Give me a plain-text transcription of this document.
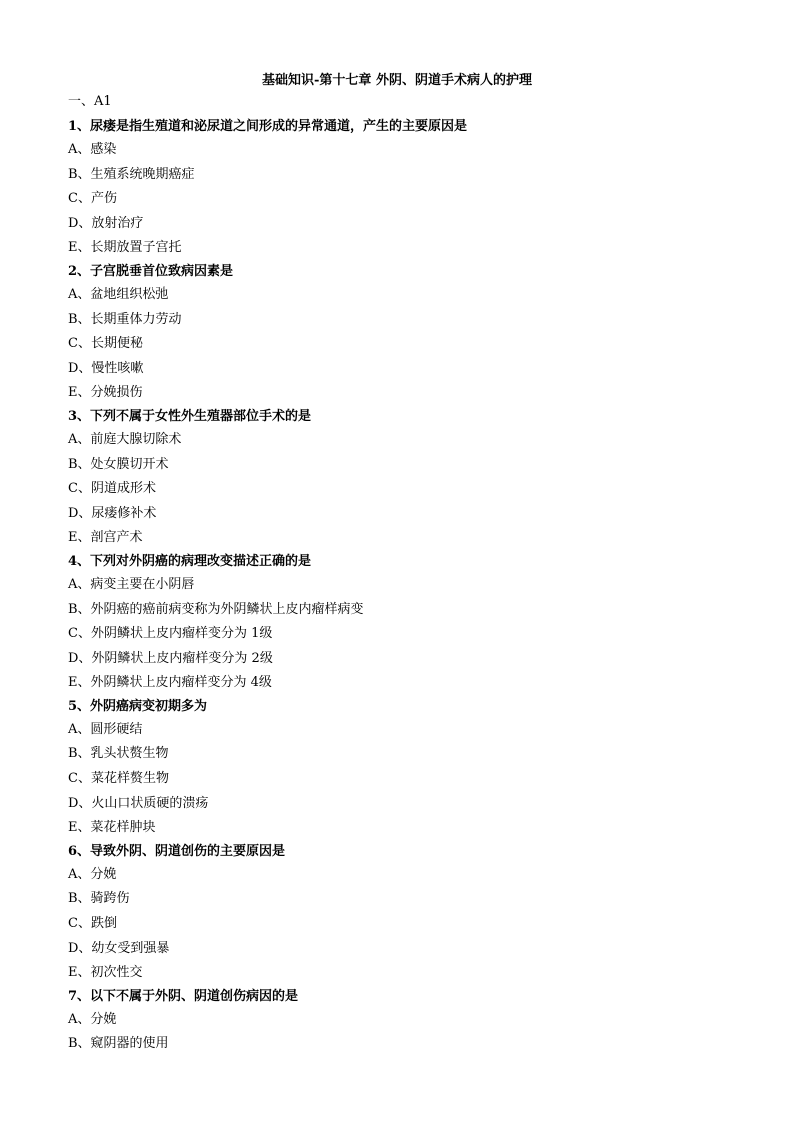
基础知识-第十七章 外阴、阴道手术病人的护理
一、A1
1、尿瘘是指生殖道和泌尿道之间形成的异常通道，产生的主要原因是
A、感染
B、生殖系统晚期癌症
C、产伤
D、放射治疗
E、长期放置子宫托
2、子宫脱垂首位致病因素是
A、盆地组织松弛
B、长期重体力劳动
C、长期便秘
D、慢性咳嗽
E、分娩损伤
3、下列不属于女性外生殖器部位手术的是
A、前庭大腺切除术
B、处女膜切开术
C、阴道成形术
D、尿瘘修补术
E、剖宫产术
4、下列对外阴癌的病理改变描述正确的是
A、病变主要在小阴唇
B、外阴癌的癌前病变称为外阴鳞状上皮内瘤样病变
C、外阴鳞状上皮内瘤样变分为 1级
D、外阴鳞状上皮内瘤样变分为 2级
E、外阴鳞状上皮内瘤样变分为 4级
5、外阴癌病变初期多为
A、圆形硬结
B、乳头状赘生物
C、菜花样赘生物
D、火山口状质硬的溃疡
E、菜花样肿块
6、导致外阴、阴道创伤的主要原因是
A、分娩
B、骑跨伤
C、跌倒
D、幼女受到强暴
E、初次性交
7、以下不属于外阴、阴道创伤病因的是
A、分娩
B、窥阴器的使用
